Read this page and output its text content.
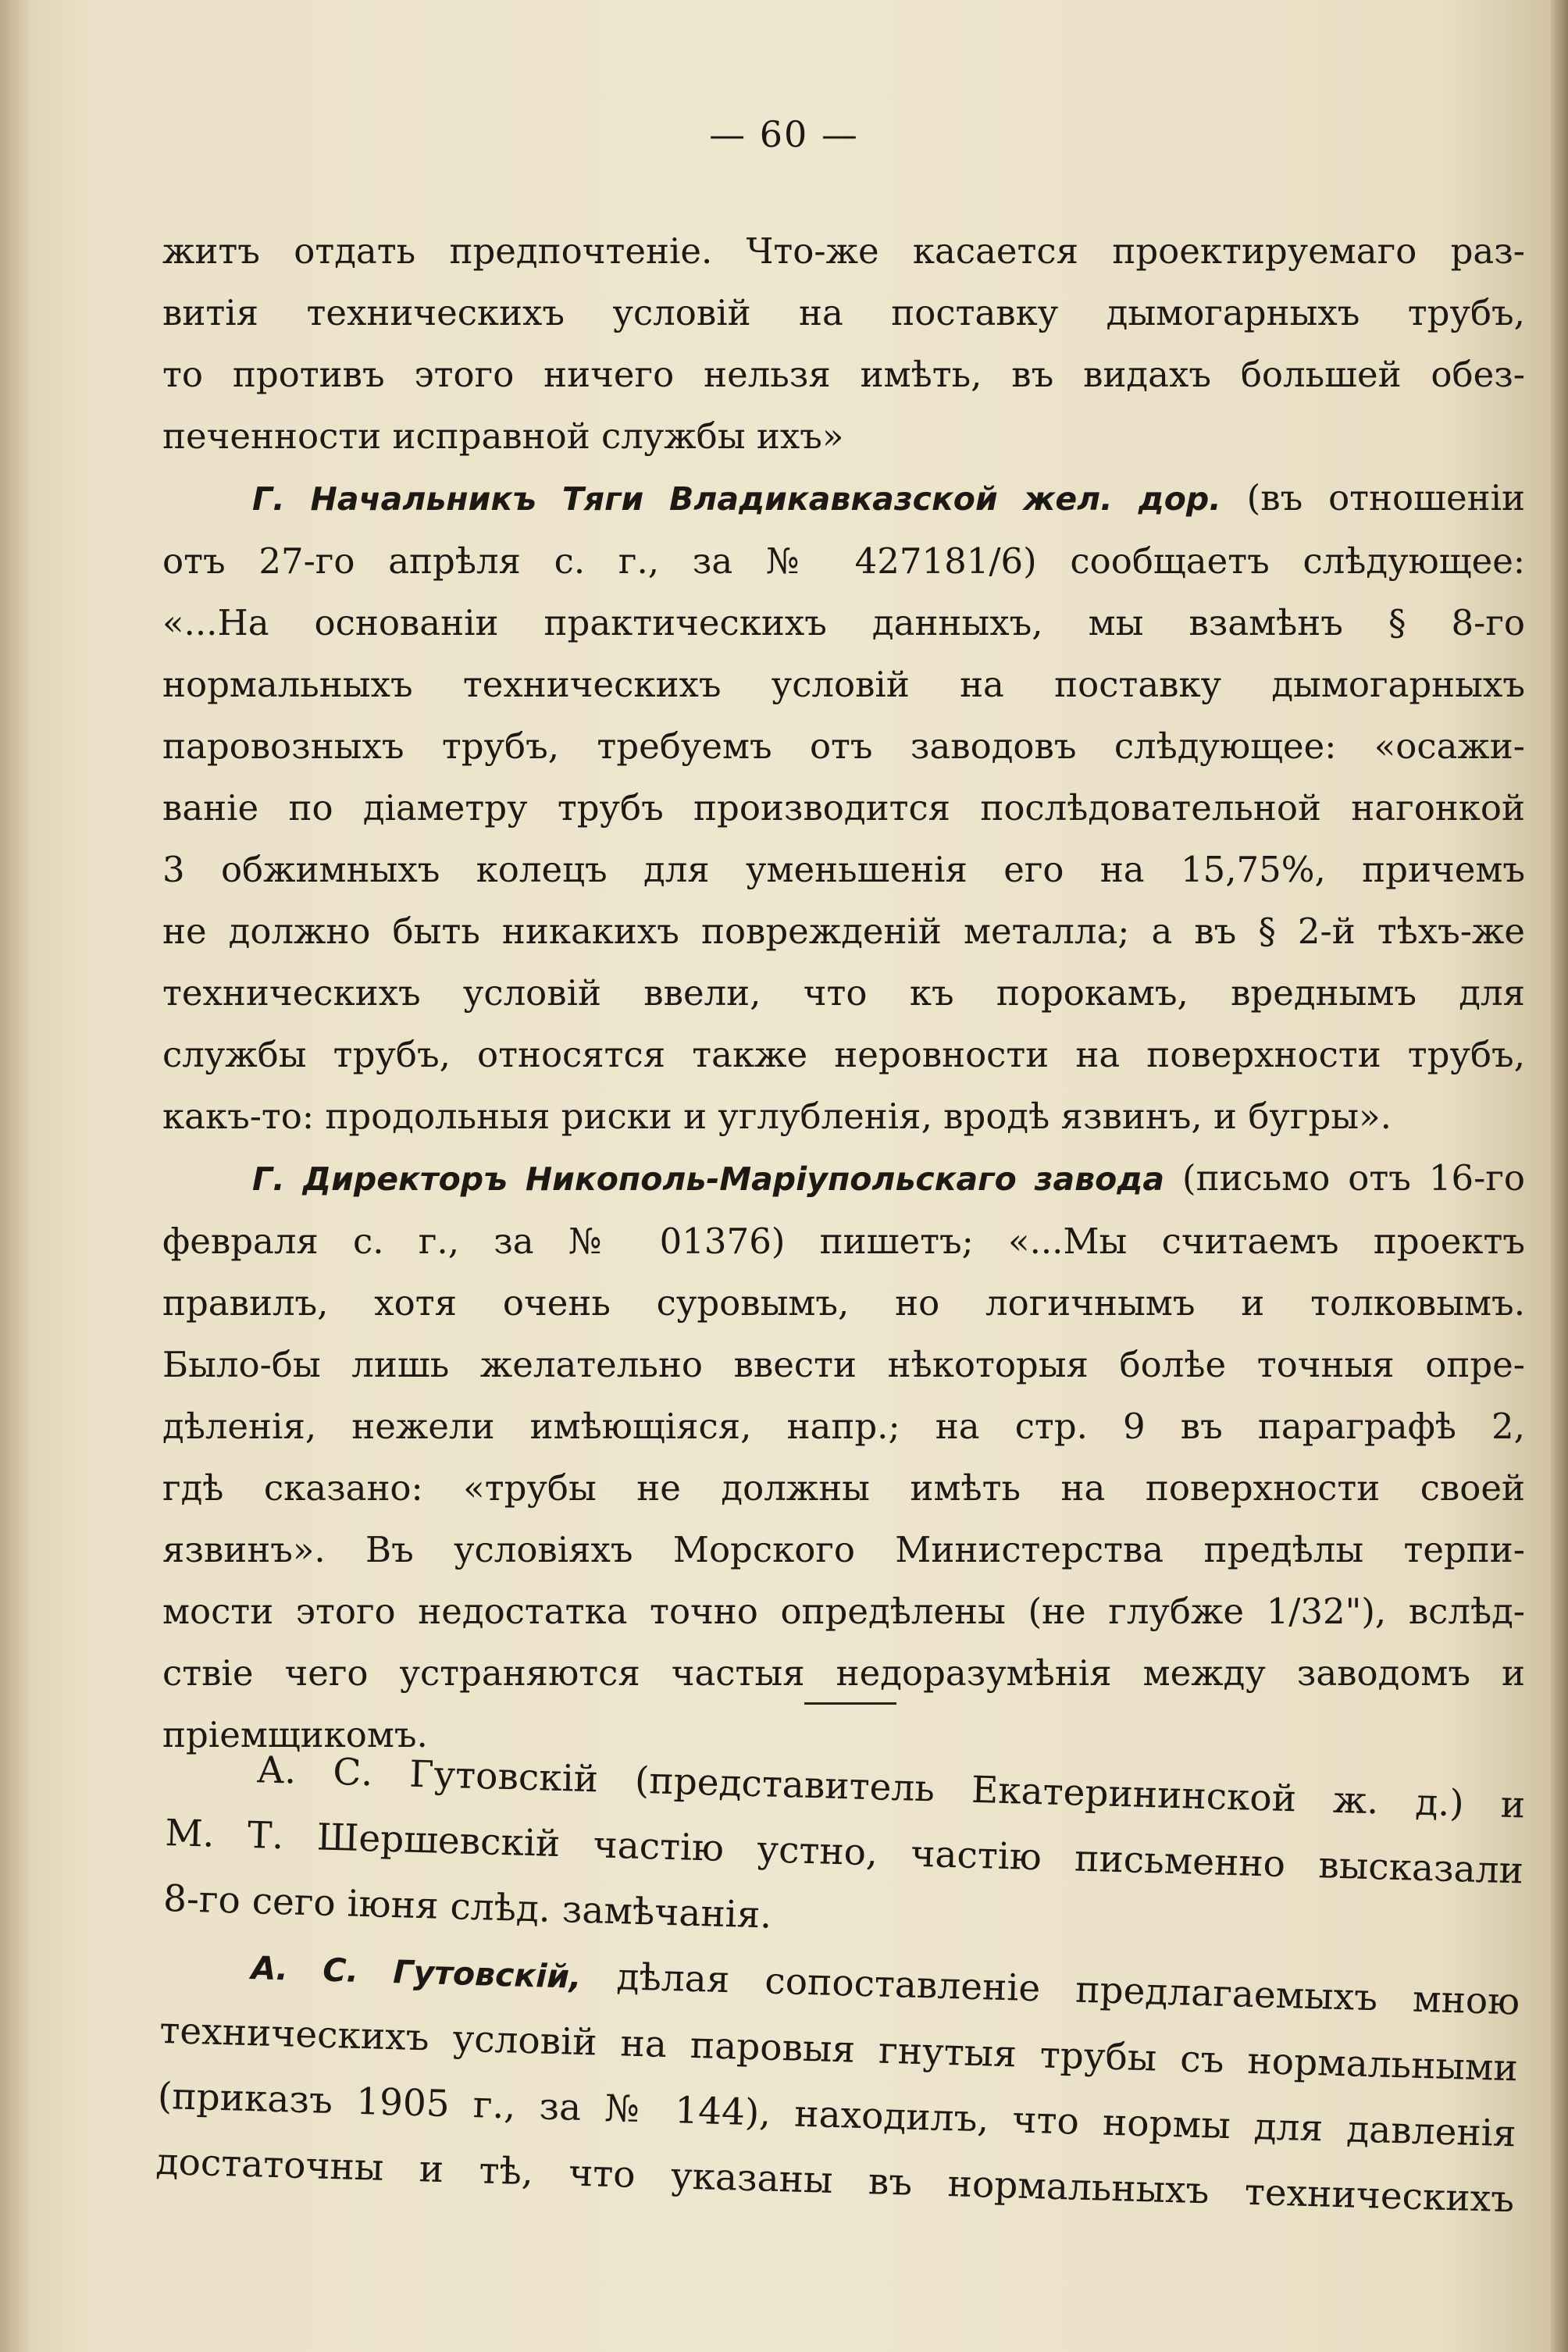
— 60 —
житъ отдать предпочтеніе. Что-же касается проектируемаго раз-
витія техническихъ условій на поставку дымогарныхъ трубъ,
то противъ этого ничего нельзя имѣть, въ видахъ большей обез-
печенности исправной службы ихъ»
Г. Начальникъ Тяги Владикавказской жел. дор. (въ отношеніи
отъ 27-го апрѣля с. г., за № 427181/6) сообщаетъ слѣдующее:
«...На основаніи практическихъ данныхъ, мы взамѣнъ § 8-го
нормальныхъ техническихъ условій на поставку дымогарныхъ
паровозныхъ трубъ, требуемъ отъ заводовъ слѣдующее: «осажи-
ваніе по діаметру трубъ производится послѣдовательной нагонкой
3 обжимныхъ колецъ для уменьшенія его на 15,75%, причемъ
не должно быть никакихъ поврежденій металла; а въ § 2-й тѣхъ-же
техническихъ условій ввели, что къ порокамъ, вреднымъ для
службы трубъ, относятся также неровности на поверхности трубъ,
какъ-то: продольныя риски и углубленія, вродѣ язвинъ, и бугры».
Г. Директоръ Никополь-Маріупольскаго завода (письмо отъ 16-го
февраля с. г., за № 01376) пишетъ; «...Мы считаемъ проектъ
правилъ, хотя очень суровымъ, но логичнымъ и толковымъ.
Было-бы лишь желательно ввести нѣкоторыя болѣе точныя опре-
дѣленія, нежели имѣющіяся, напр.; на стр. 9 въ параграфѣ 2,
гдѣ сказано: «трубы не должны имѣть на поверхности своей
язвинъ». Въ условіяхъ Морского Министерства предѣлы терпи-
мости этого недостатка точно опредѣлены (не глубже 1/32"), вслѣд-
ствіе чего устраняются частыя недоразумѣнія между заводомъ и
пріемщикомъ.
А. С. Гутовскій (представитель Екатерининской ж. д.) и
М. Т. Шершевскій частію устно, частію письменно высказали
8-го сего іюня слѣд. замѣчанія.
А. С. Гутовскій, дѣлая сопоставленіе предлагаемыхъ мною
техническихъ условій на паровыя гнутыя трубы съ нормальными
(приказъ 1905 г., за № 144), находилъ, что нормы для давленія
достаточны и тѣ, что указаны въ нормальныхъ техническихъ
